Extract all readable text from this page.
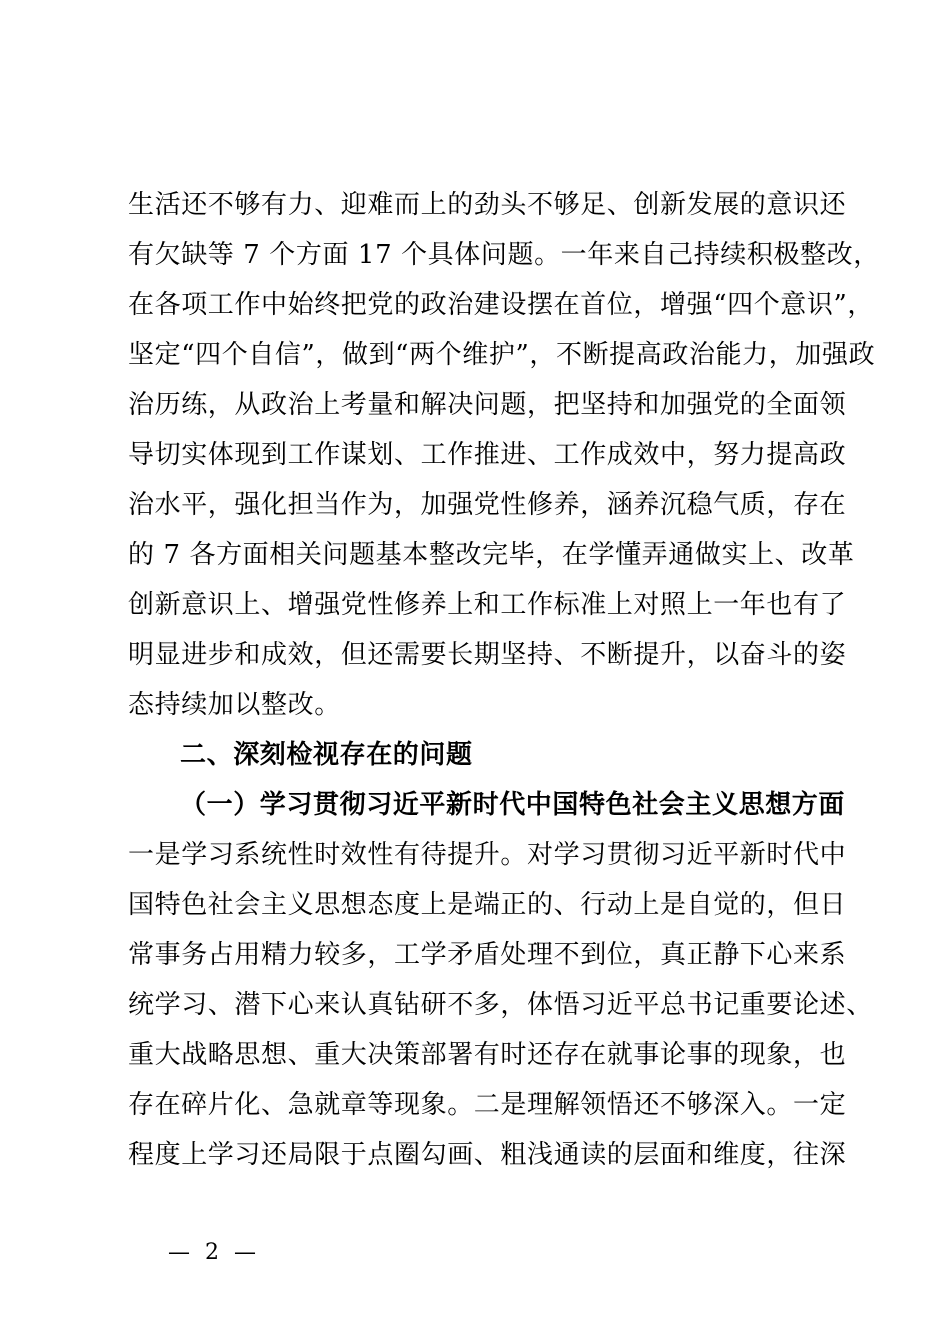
生活还不够有力、迎难而上的劲头不够足、创新发展的意识还
有欠缺等 7 个方面 17 个具体问题。一年来自己持续积极整改，
在各项工作中始终把党的政治建设摆在首位，增强“四个意识”，
坚定“四个自信”，做到“两个维护”，不断提高政治能力，加强政
治历练，从政治上考量和解决问题，把坚持和加强党的全面领
导切实体现到工作谋划、工作推进、工作成效中，努力提高政
治水平，强化担当作为，加强党性修养，涵养沉稳气质，存在
的 7 各方面相关问题基本整改完毕，在学懂弄通做实上、改革
创新意识上、增强党性修养上和工作标准上对照上一年也有了
明显进步和成效，但还需要长期坚持、不断提升，以奋斗的姿
态持续加以整改。
二、深刻检视存在的问题
（一）学习贯彻习近平新时代中国特色社会主义思想方面
一是学习系统性时效性有待提升。对学习贯彻习近平新时代中
国特色社会主义思想态度上是端正的、行动上是自觉的，但日
常事务占用精力较多，工学矛盾处理不到位，真正静下心来系
统学习、潜下心来认真钻研不多，体悟习近平总书记重要论述、
重大战略思想、重大决策部署有时还存在就事论事的现象，也
存在碎片化、急就章等现象。二是理解领悟还不够深入。一定
程度上学习还局限于点圈勾画、粗浅通读的层面和维度，往深
— 2 —
